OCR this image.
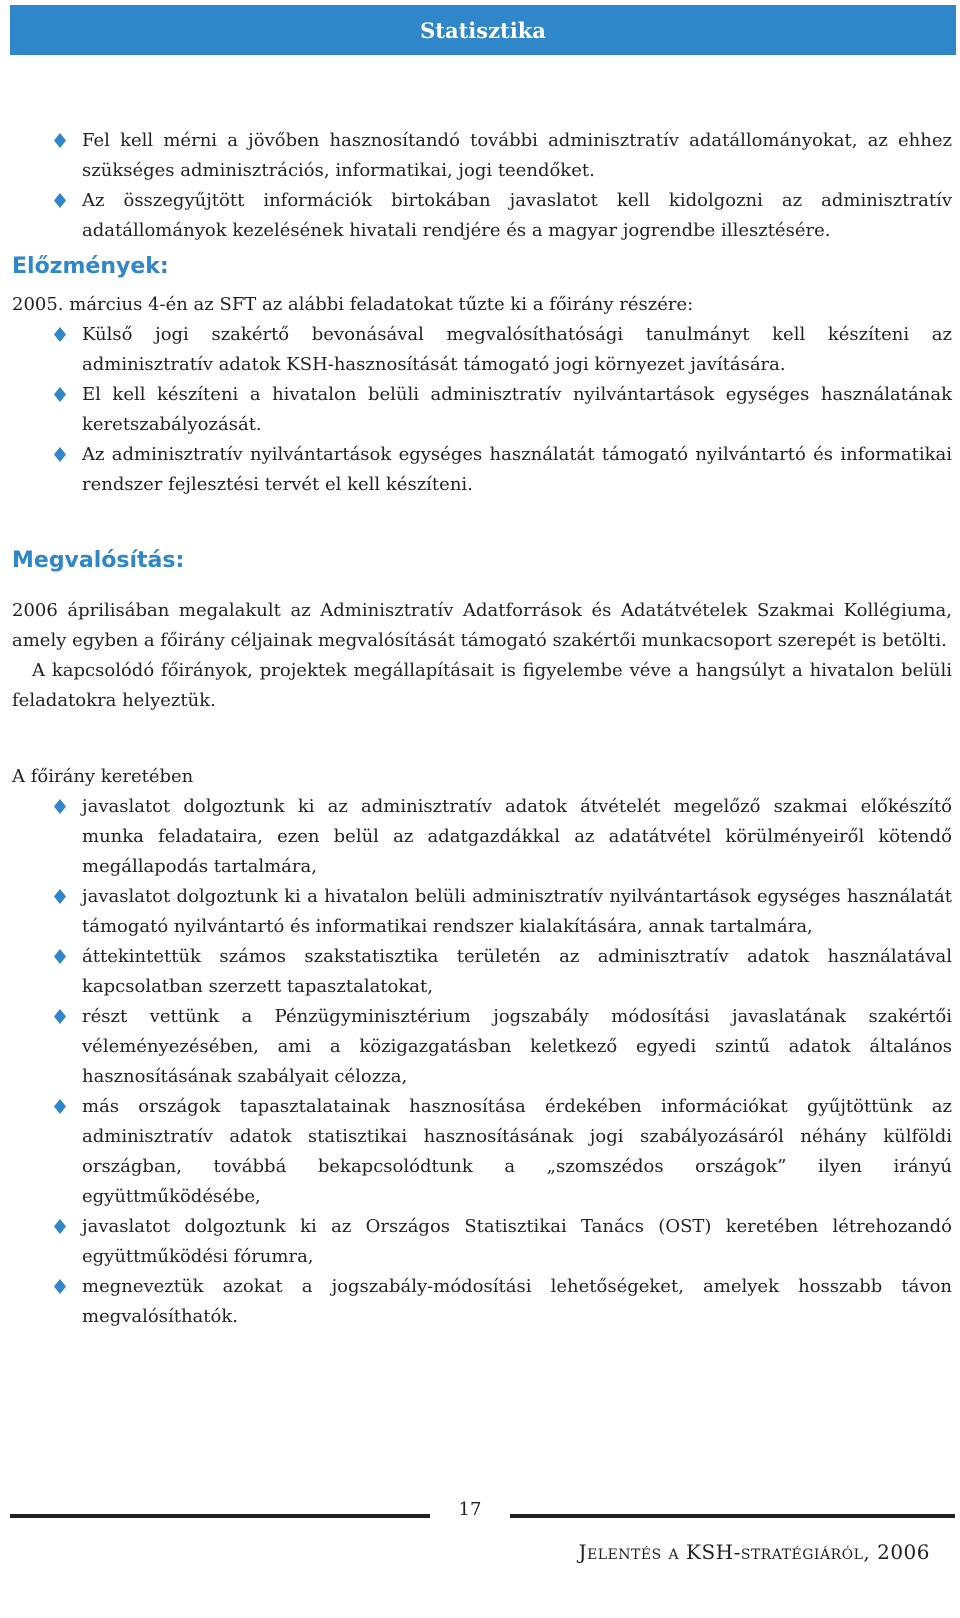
Statisztika
Fel kell mérni a jövőben hasznosítandó további adminisztratív adatállományokat, az ehhez szükséges adminisztrációs, informatikai, jogi teendőket.
Az összegyűjtött információk birtokában javaslatot kell kidolgozni az adminisztratív adatállományok kezelésének hivatali rendjére és a magyar jogrendbe illesztésére.
Előzmények:

2005. március 4-én az SFT az alábbi feladatokat tűzte ki a főirány részére:

Külső jogi szakértő bevonásával megvalósíthatósági tanulmányt kell készíteni az adminisztratív adatok KSH-hasznosítását támogató jogi környezet javítására.
El kell készíteni a hivatalon belüli adminisztratív nyilvántartások egységes használatának keretszabályozását.
Az adminisztratív nyilvántartások egységes használatát támogató nyilvántartó és informatikai rendszer fejlesztési tervét el kell készíteni.
Megvalósítás:

2006 áprilisában megalakult az Adminisztratív Adatforrások és Adatátvételek Szakmai Kollégiuma, amely egyben a főirány céljainak megvalósítását támogató szakértői munkacsoport szerepét is betölti.

A kapcsolódó főirányok, projektek megállapításait is figyelembe véve a hangsúlyt a hivatalon belüli feladatokra helyeztük.

A főirány keretében

javaslatot dolgoztunk ki az adminisztratív adatok átvételét megelőző szakmai előkészítő munka feladataira, ezen belül az adatgazdákkal az adatátvétel körülményeiről kötendő megállapodás tartalmára,
javaslatot dolgoztunk ki a hivatalon belüli adminisztratív nyilvántartások egységes használatát támogató nyilvántartó és informatikai rendszer kialakítására, annak tartalmára,
áttekintettük számos szakstatisztika területén az adminisztratív adatok használatával kapcsolatban szerzett tapasztalatokat,
részt vettünk a Pénzügyminisztérium jogszabály módosítási javaslatának szakértői véleményezésében, ami a közigazgatásban keletkező egyedi szintű adatok általános hasznosításának szabályait célozza,
más országok tapasztalatainak hasznosítása érdekében információkat gyűjtöttünk az adminisztratív adatok statisztikai hasznosításának jogi szabályozásáról néhány külföldi országban, továbbá bekapcsolódtunk a „szomszédos országok” ilyen irányú együttműködésébe,
javaslatot dolgoztunk ki az Országos Statisztikai Tanács (OST) keretében létrehozandó együttműködési fórumra,
megneveztük azokat a jogszabály-módosítási lehetőségeket, amelyek hosszabb távon megvalósíthatók.
17
Jelentés a KSH-stratégiáról, 2006
